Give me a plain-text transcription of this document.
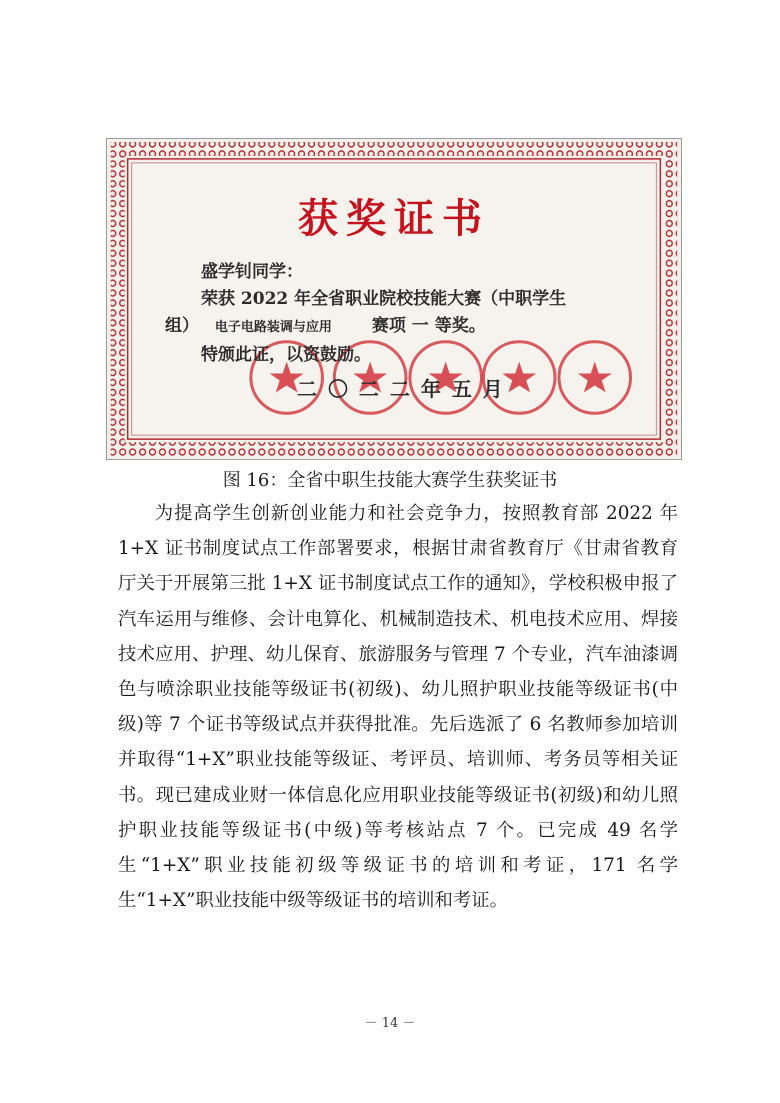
获奖证书
盛学钊同学：
荣获 2022 年全省职业院校技能大赛（中职学生
组） 电子电路装调与应用 赛项 一 等奖。
特颁此证，以资鼓励。
二 〇 二 二 年 五 月
图 16：全省中职生技能大赛学生获奖证书

为提高学生创新创业能力和社会竞争力，按照教育部 2022 年 1+X 证书制度试点工作部署要求，根据甘肃省教育厅《甘肃省教育厅关于开展第三批 1+X 证书制度试点工作的通知》，学校积极申报了汽车运用与维修、会计电算化、机械制造技术、机电技术应用、焊接技术应用、护理、幼儿保育、旅游服务与管理 7 个专业，汽车油漆调色与喷涂职业技能等级证书(初级)、幼儿照护职业技能等级证书(中级)等 7 个证书等级试点并获得批准。先后选派了 6 名教师参加培训并取得“1+X”职业技能等级证、考评员、培训师、考务员等相关证书。现已建成业财一体信息化应用职业技能等级证书(初级)和幼儿照护职业技能等级证书(中级)等考核站点 7 个。已完成 49 名学生“1+X”职业技能初级等级证书的培训和考证，171 名学生“1+X”职业技能中级等级证书的培训和考证。

－ 14 －
